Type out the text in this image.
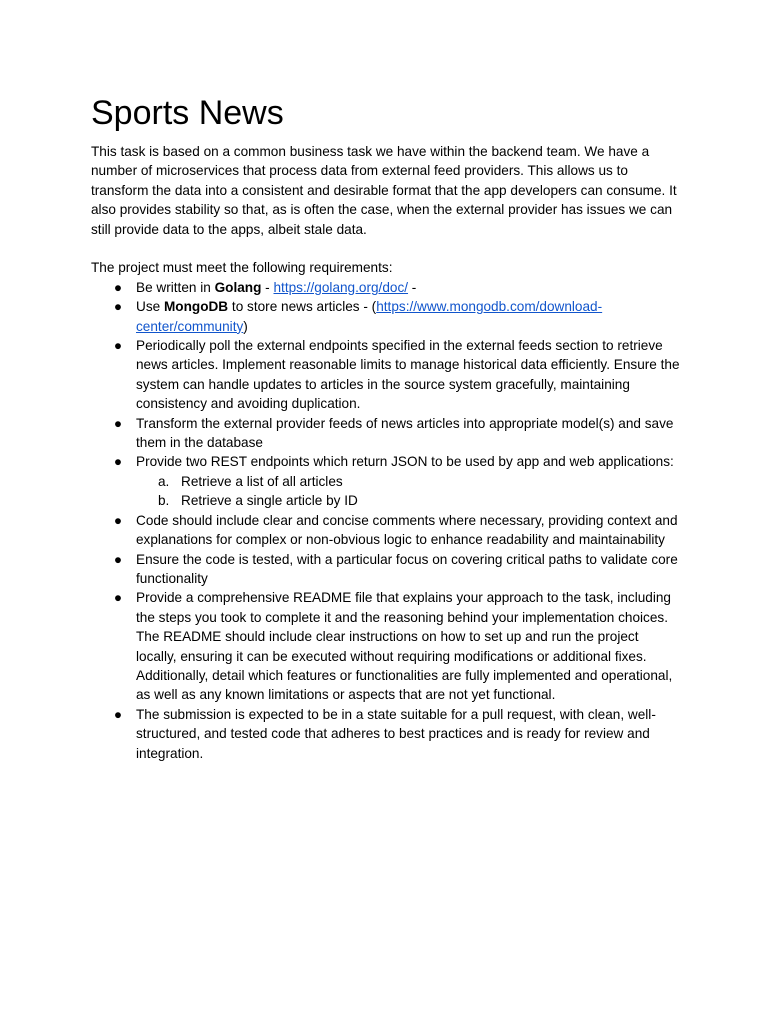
Sports News

This task is based on a common business task we have within the backend team. We have a number of microservices that process data from external feed providers. This allows us to transform the data into a consistent and desirable format that the app developers can consume. It also provides stability so that, as is often the case, when the external provider has issues we can still provide data to the apps, albeit stale data.

The project must meet the following requirements:

● Be written in Golang - https://golang.org/doc/ -
● Use MongoDB to store news articles - (https://www.mongodb.com/download-center/community)
● Periodically poll the external endpoints specified in the external feeds section to retrieve news articles. Implement reasonable limits to manage historical data efficiently. Ensure the system can handle updates to articles in the source system gracefully, maintaining consistency and avoiding duplication.
● Transform the external provider feeds of news articles into appropriate model(s) and save them in the database
● Provide two REST endpoints which return JSON to be used by app and web applications:
a. Retrieve a list of all articles
b. Retrieve a single article by ID
● Code should include clear and concise comments where necessary, providing context and explanations for complex or non-obvious logic to enhance readability and maintainability
● Ensure the code is tested, with a particular focus on covering critical paths to validate core functionality
● Provide a comprehensive README file that explains your approach to the task, including the steps you took to complete it and the reasoning behind your implementation choices. The README should include clear instructions on how to set up and run the project locally, ensuring it can be executed without requiring modifications or additional fixes. Additionally, detail which features or functionalities are fully implemented and operational, as well as any known limitations or aspects that are not yet functional.
● The submission is expected to be in a state suitable for a pull request, with clean, well-structured, and tested code that adheres to best practices and is ready for review and integration.
